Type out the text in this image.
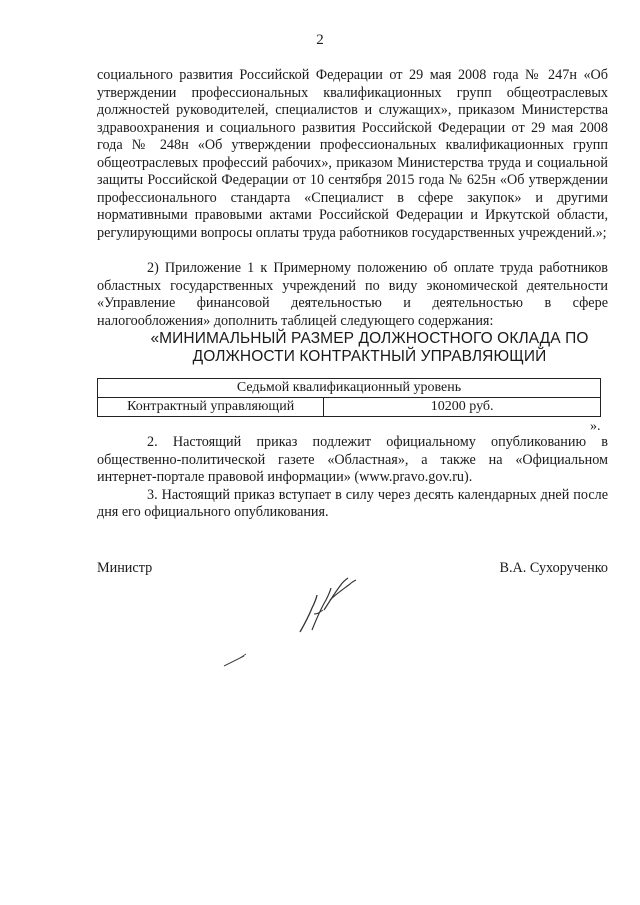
2

социального развития Российской Федерации от 29 мая 2008 года № 247н «Об утверждении профессиональных квалификационных групп общеотраслевых должностей руководителей, специалистов и служащих», приказом Министерства здравоохранения и социального развития Российской Федерации от 29 мая 2008 года № 248н «Об утверждении профессиональных квалификационных групп общеотраслевых профессий рабочих», приказом Министерства труда и социальной защиты Российской Федерации от 10 сентября 2015 года № 625н «Об утверждении профессионального стандарта «Специалист в сфере закупок» и другими нормативными правовыми актами Российской Федерации и Иркутской области, регулирующими вопросы оплаты труда работников государственных учреждений.»;

2) Приложение 1 к Примерному положению об оплате труда работников областных государственных учреждений по виду экономической деятельности «Управление финансовой деятельностью и деятельностью в сфере налогообложения» дополнить таблицей следующего содержания:

«МИНИМАЛЬНЫЙ РАЗМЕР ДОЛЖНОСТНОГО ОКЛАДА ПО
ДОЛЖНОСТИ КОНТРАКТНЫЙ УПРАВЛЯЮЩИЙ
Седьмой квалификационный уровень
Контрактный управляющий	10200 руб.
».

2. Настоящий приказ подлежит официальному опубликованию в общественно-политической газете «Областная», а также на «Официальном интернет-портале правовой информации» (www.pravo.gov.ru).

3. Настоящий приказ вступает в силу через десять календарных дней после дня его официального опубликования.

Министр	В.А. Сухорученко
